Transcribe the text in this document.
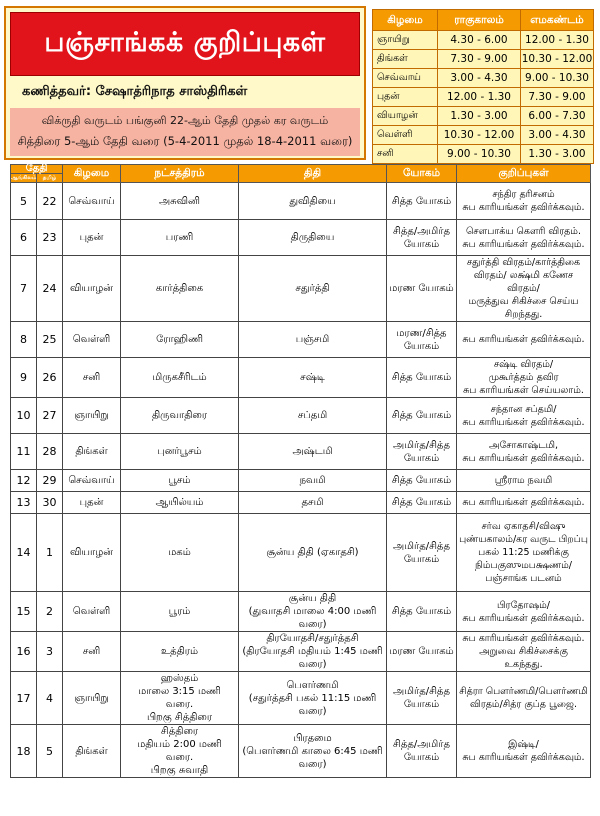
பஞ்சாங்கக் குறிப்புகள்
கணித்தவர்: சேஷாத்ரிநாத சாஸ்திரிகள்
விக்ருதி வருடம் பங்குனி 22-ஆம் தேதி முதல் கர வருடம்
சித்திரை 5-ஆம் தேதி வரை (5-4-2011 முதல் 18-4-2011 வரை)
கிழமை	ராகுகாலம்	எமகண்டம்
ஞாயிறு	4.30 - 6.00	12.00 - 1.30
திங்கள்	7.30 - 9.00	10.30 - 12.00
செவ்வாய்	3.00 - 4.30	9.00 - 10.30
புதன்	12.00 - 1.30	7.30 - 9.00
வியாழன்	1.30 - 3.00	6.00 - 7.30
வெள்ளி	10.30 - 12.00	3.00 - 4.30
சனி	9.00 - 10.30	1.30 - 3.00
தேதி		கிழமை	நட்சத்திரம்	திதி	யோகம்	குறிப்புகள்
ஆங்கிலம்	தமிழ்					
5	22	செவ்வாய்	அசுவினி	துவிதியை	சித்த யோகம்	சந்திர தரிசனம்
சுப காரியங்கள் தவிர்க்கவும்.
6	23	புதன்	பரணி	திருதியை	சித்த/அமிர்த
யோகம்	சௌபாக்ய கௌரி விரதம்.
சுப காரியங்கள் தவிர்க்கவும்.
7	24	வியாழன்	கார்த்திகை	சதுர்த்தி	மரண யோகம்	சதுர்த்தி விரதம்/கார்த்திகை
விரதம்/ லக்ஷ்மி கணேச விரதம்/
மருத்துவ சிகிச்சை செய்ய
சிறந்தது.
8	25	வெள்ளி	ரோஹிணி	பஞ்சமி	மரண/சித்த
யோகம்	சுப காரியங்கள் தவிர்க்கவும்.
9	26	சனி	மிருகசீரிடம்	சஷ்டி	சித்த யோகம்	சஷ்டி விரதம்/
முகூர்த்தம் தவிர
சுப காரியங்கள் செய்யலாம்.
10	27	ஞாயிறு	திருவாதிரை	சப்தமி	சித்த யோகம்	சந்தான சப்தமி/
சுப காரியங்கள் தவிர்க்கவும்.
11	28	திங்கள்	புனர்பூசம்	அஷ்டமி	அமிர்த/சித்த
யோகம்	அசோகாஷ்டமி,
சுப காரியங்கள் தவிர்க்கவும்.
12	29	செவ்வாய்	பூசம்	நவமி	சித்த யோகம்	ஸ்ரீராம நவமி
13	30	புதன்	ஆயில்யம்	தசமி	சித்த யோகம்	சுப காரியங்கள் தவிர்க்கவும்.
14	1	வியாழன்	மகம்	சூன்ய திதி (ஏகாதசி)	அமிர்த/சித்த
யோகம்	சர்வ ஏகாதசி/விஷு
புண்யகாலம்/கர வருட பிறப்பு
பகல் 11:25 மணிக்கு
நிம்பகுஸுமபக்ஷணம்/
பஞ்சாங்க படனம்
15	2	வெள்ளி	பூரம்	சூன்ய திதி
(துவாதசி மாலை 4:00 மணி வரை)	சித்த யோகம்	பிரதோஷம்/
சுப காரியங்கள் தவிர்க்கவும்.
16	3	சனி	உத்திரம்	திரயோதசி/சதுர்த்தசி
(திரயோதசி மதியம் 1:45 மணி வரை)	மரண யோகம்	சுப காரியங்கள் தவிர்க்கவும்.
அறுவை சிகிச்சைக்கு உகந்தது.
17	4	ஞாயிறு	ஹஸ்தம்
மாலை 3:15 மணி வரை.
பிறகு சித்திரை	பௌர்ணமி
(சதுர்த்தசி பகல் 11:15 மணி வரை)	அமிர்த/சித்த
யோகம்	சித்ரா பௌர்ணமி/பௌர்ணமி
விரதம்/சித்ர குப்த பூஜை.
18	5	திங்கள்	சித்திரை
மதியம் 2:00 மணி வரை.
பிறகு சுவாதி	பிரதமை
(பௌர்ணமி காலை 6:45 மணி வரை)	சித்த/அமிர்த
யோகம்	இஷ்டி/
சுப காரியங்கள் தவிர்க்கவும்.
